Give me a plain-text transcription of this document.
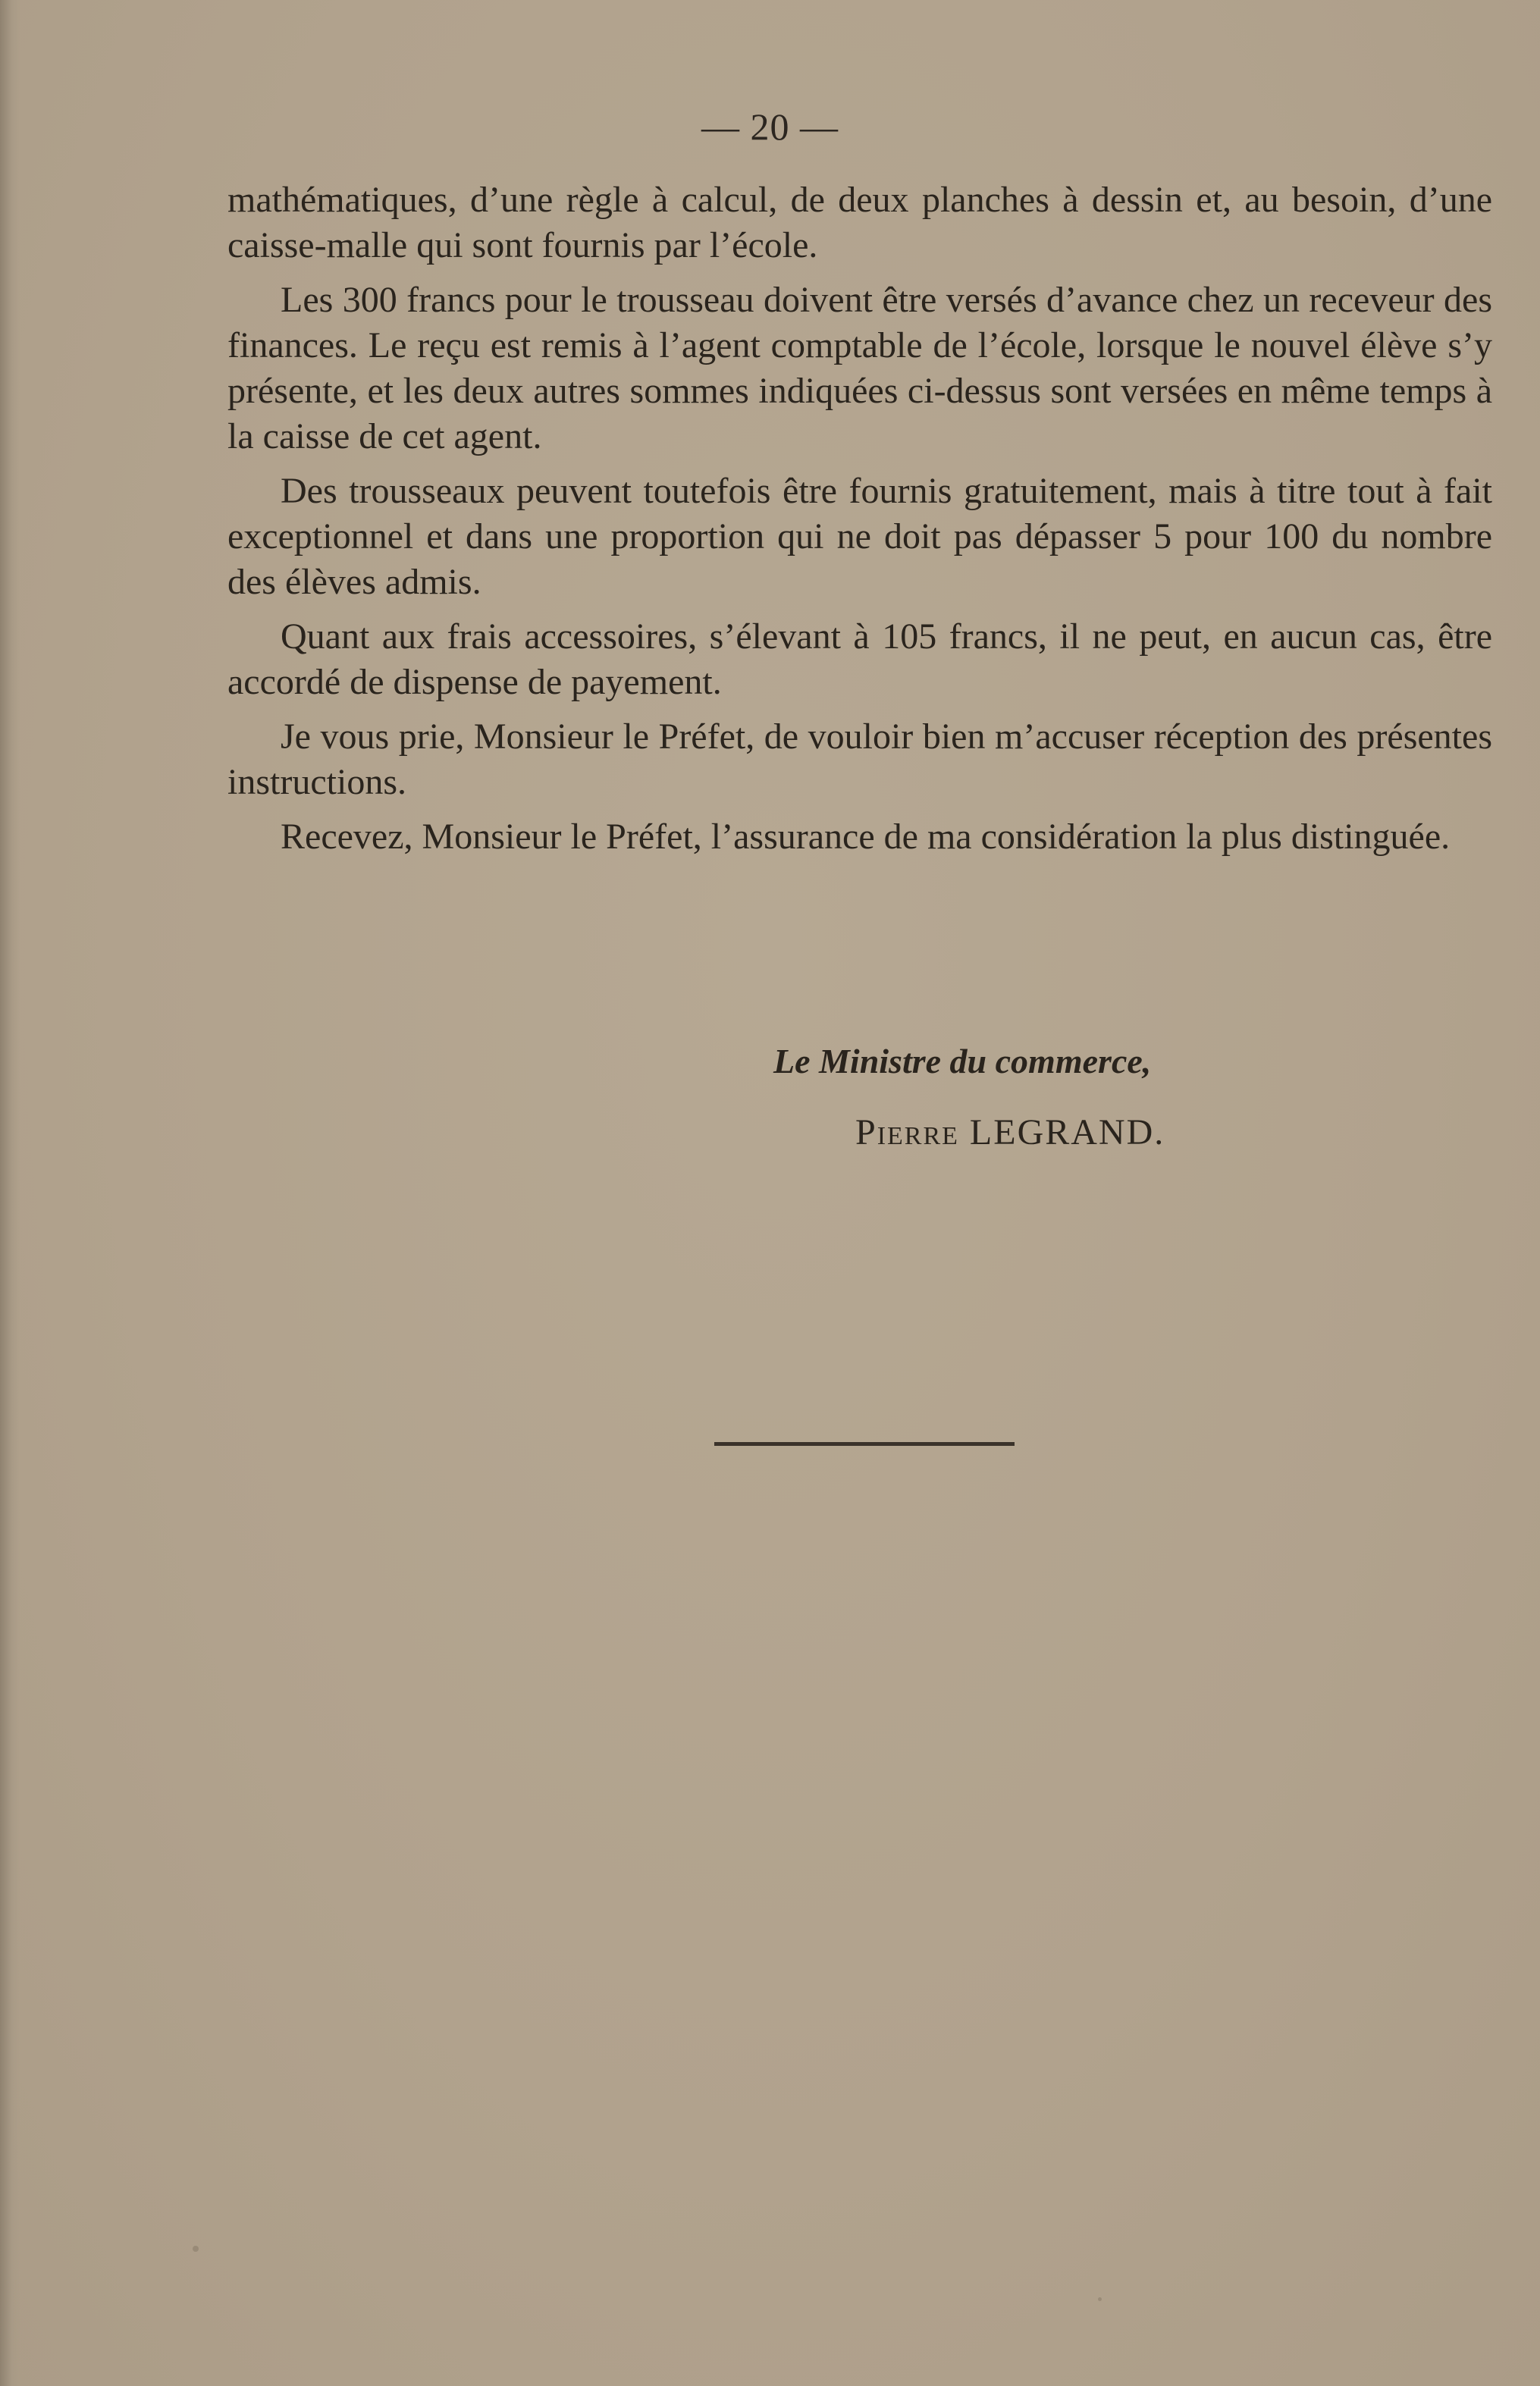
— 20 —

mathématiques, d’une règle à calcul, de deux planches à dessin et, au besoin, d’une caisse-malle qui sont fournis par l’école.

Les 300 francs pour le trousseau doivent être versés d’avance chez un receveur des finances. Le reçu est remis à l’agent comptable de l’école, lorsque le nouvel élève s’y présente, et les deux autres sommes indiquées ci-dessus sont versées en même temps à la caisse de cet agent.

Des trousseaux peuvent toutefois être fournis gratuitement, mais à titre tout à fait exceptionnel et dans une proportion qui ne doit pas dépasser 5 pour 100 du nombre des élèves admis.

Quant aux frais accessoires, s’élevant à 105 francs, il ne peut, en aucun cas, être accordé de dispense de payement.

Je vous prie, Monsieur le Préfet, de vouloir bien m’accuser réception des présentes instructions.

Recevez, Monsieur le Préfet, l’assurance de ma considération la plus distinguée.

Le Ministre du commerce,
Pierre LEGRAND.
